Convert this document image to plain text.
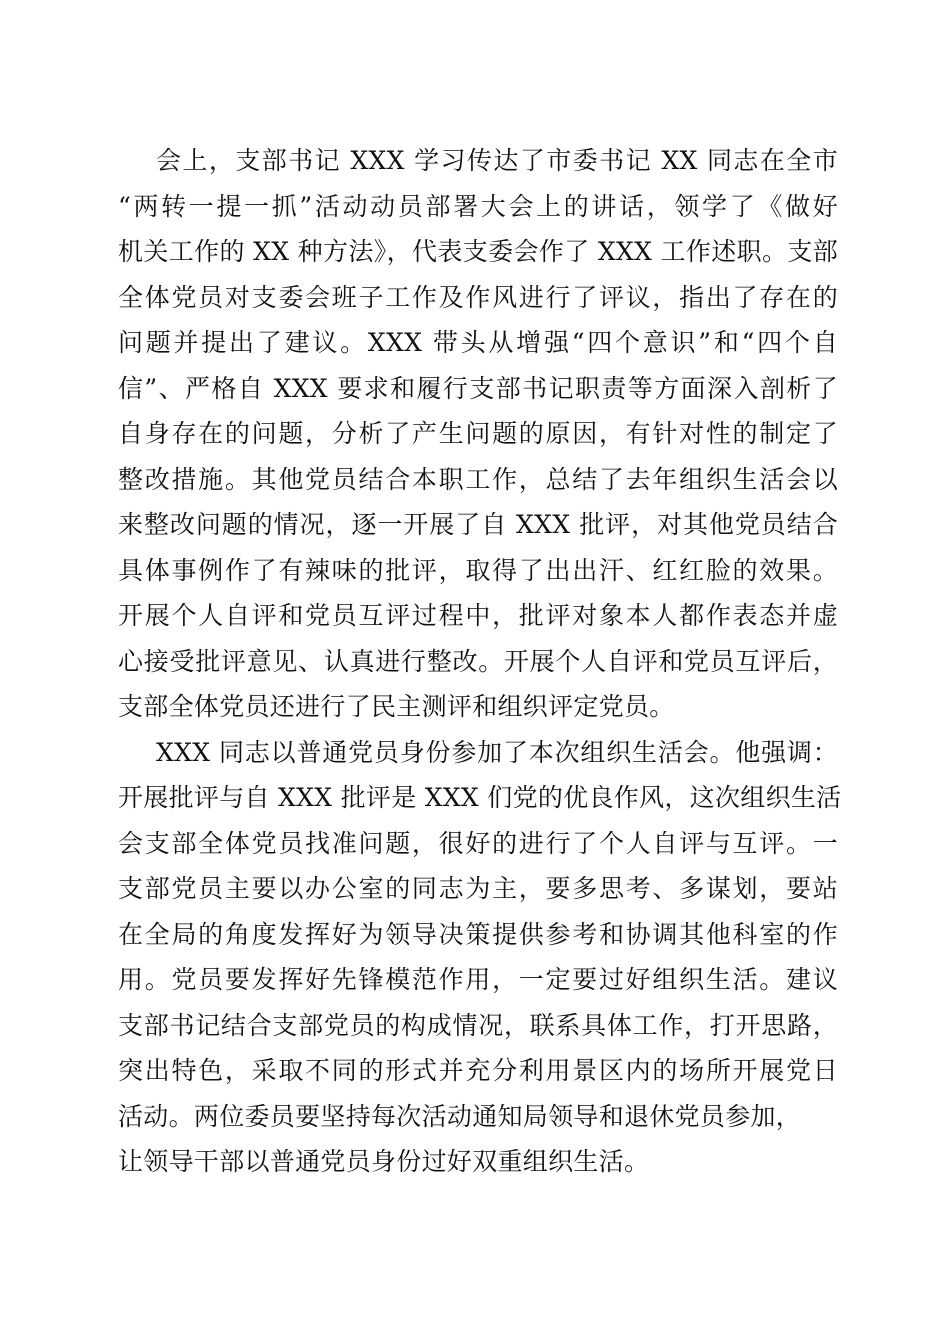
会上，支部书记 XXX 学习传达了市委书记 XX 同志在全市
“两转一提一抓”活动动员部署大会上的讲话，领学了《做好
机关工作的 XX 种方法》，代表支委会作了 XXX 工作述职。支部
全体党员对支委会班子工作及作风进行了评议，指出了存在的
问题并提出了建议。XXX 带头从增强“四个意识”和“四个自
信”、严格自 XXX 要求和履行支部书记职责等方面深入剖析了
自身存在的问题，分析了产生问题的原因，有针对性的制定了
整改措施。其他党员结合本职工作，总结了去年组织生活会以
来整改问题的情况，逐一开展了自 XXX 批评，对其他党员结合
具体事例作了有辣味的批评，取得了出出汗、红红脸的效果。
开展个人自评和党员互评过程中，批评对象本人都作表态并虚
心接受批评意见、认真进行整改。开展个人自评和党员互评后，
支部全体党员还进行了民主测评和组织评定党员。
XXX 同志以普通党员身份参加了本次组织生活会。他强调：
开展批评与自 XXX 批评是 XXX 们党的优良作风，这次组织生活
会支部全体党员找准问题，很好的进行了个人自评与互评。一
支部党员主要以办公室的同志为主，要多思考、多谋划，要站
在全局的角度发挥好为领导决策提供参考和协调其他科室的作
用。党员要发挥好先锋模范作用，一定要过好组织生活。建议
支部书记结合支部党员的构成情况，联系具体工作，打开思路，
突出特色，采取不同的形式并充分利用景区内的场所开展党日
活动。两位委员要坚持每次活动通知局领导和退休党员参加，
让领导干部以普通党员身份过好双重组织生活。
